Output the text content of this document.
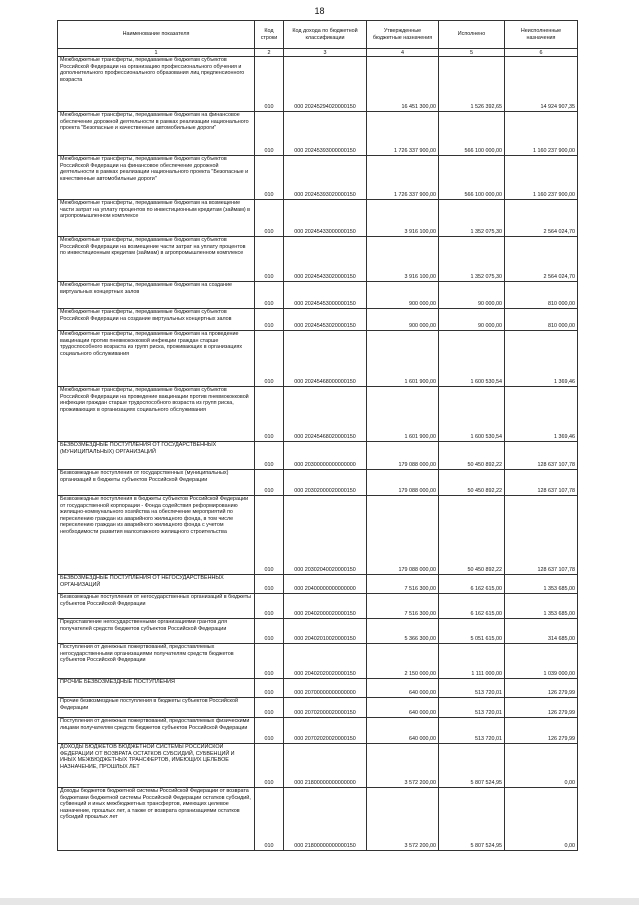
18
Наименование показателя	Код строки	Код дохода по бюджетной классификации	Утвержденные бюджетные назначения	Исполнено	Неисполненные назначения
1	2	3	4	5	6
Межбюджетные трансферты, передаваемые бюджетам субъектов Российской Федерации на организацию профессионального обучения и дополнительного профессионального образования лиц предпенсионного возраста	010	000 20245294020000150	16 451 300,00	1 526 392,65	14 924 907,35
Межбюджетные трансферты, передаваемые бюджетам на финансовое обеспечение дорожной деятельности в рамках реализации национального проекта "Безопасные и качественные автомобильные дороги"	010	000 20245393000000150	1 726 337 900,00	566 100 000,00	1 160 237 900,00
Межбюджетные трансферты, передаваемые бюджетам субъектов Российской Федерации на финансовое обеспечение дорожной деятельности в рамках реализации национального проекта "Безопасные и качественные автомобильные дороги"	010	000 20245393020000150	1 726 337 900,00	566 100 000,00	1 160 237 900,00
Межбюджетные трансферты, передаваемые бюджетам на возмещение части затрат на уплату процентов по инвестиционным кредитам (займам) в агропромышленном комплексе	010	000 20245433000000150	3 916 100,00	1 352 075,30	2 564 024,70
Межбюджетные трансферты, передаваемые бюджетам субъектов Российской Федерации на возмещение части затрат на уплату процентов по инвестиционным кредитам (займам) в агропромышленном комплексе	010	000 20245433020000150	3 916 100,00	1 352 075,30	2 564 024,70
Межбюджетные трансферты, передаваемые бюджетам на создание виртуальных концертных залов	010	000 20245453000000150	900 000,00	90 000,00	810 000,00
Межбюджетные трансферты, передаваемые бюджетам субъектов Российской Федерации на создание виртуальных концертных залов	010	000 20245453020000150	900 000,00	90 000,00	810 000,00
Межбюджетные трансферты, передаваемые бюджетам на проведение вакцинации против пневмококковой инфекции граждан старше трудоспособного возраста из групп риска, проживающих в организациях социального обслуживания	010	000 20245468000000150	1 601 900,00	1 600 530,54	1 369,46
Межбюджетные трансферты, передаваемые бюджетам субъектов Российской Федерации на проведение вакцинации против пневмококковой инфекции граждан старше трудоспособного возраста из групп риска, проживающих в организациях социального обслуживания	010	000 20245468020000150	1 601 900,00	1 600 530,54	1 369,46
БЕЗВОЗМЕЗДНЫЕ ПОСТУПЛЕНИЯ ОТ ГОСУДАРСТВЕННЫХ (МУНИЦИПАЛЬНЫХ) ОРГАНИЗАЦИЙ	010	000 20300000000000000	179 088 000,00	50 450 892,22	128 637 107,78
Безвозмездные поступления от государственных (муниципальных) организаций в бюджеты субъектов Российской Федерации	010	000 20302000020000150	179 088 000,00	50 450 892,22	128 637 107,78
Безвозмездные поступления в бюджеты субъектов Российской Федерации от государственной корпорации - Фонда содействия реформированию жилищно-коммунального хозяйства на обеспечение мероприятий по переселению граждан из аварийного жилищного фонда, в том числе переселению граждан из аварийного жилищного фонда с учетом необходимости развития малоэтажного жилищного строительства	010	000 20302040020000150	179 088 000,00	50 450 892,22	128 637 107,78
БЕЗВОЗМЕЗДНЫЕ ПОСТУПЛЕНИЯ ОТ НЕГОСУДАРСТВЕННЫХ ОРГАНИЗАЦИЙ	010	000 20400000000000000	7 516 300,00	6 162 615,00	1 353 685,00
Безвозмездные поступления от негосударственных организаций в бюджеты субъектов Российской Федерации	010	000 20402000020000150	7 516 300,00	6 162 615,00	1 353 685,00
Предоставление негосударственными организациями грантов для получателей средств бюджетов субъектов Российской Федерации	010	000 20402010020000150	5 366 300,00	5 051 615,00	314 685,00
Поступления от денежных пожертвований, предоставляемых негосударственными организациями получателям средств бюджетов субъектов Российской Федерации	010	000 20402020020000150	2 150 000,00	1 111 000,00	1 039 000,00
ПРОЧИЕ БЕЗВОЗМЕЗДНЫЕ ПОСТУПЛЕНИЯ	010	000 20700000000000000	640 000,00	513 720,01	126 279,99
Прочие безвозмездные поступления в бюджеты субъектов Российской Федерации	010	000 20702000020000150	640 000,00	513 720,01	126 279,99
Поступления от денежных пожертвований, предоставляемых физическими лицами получателям средств бюджетов субъектов Российской Федерации	010	000 20702020020000150	640 000,00	513 720,01	126 279,99
ДОХОДЫ БЮДЖЕТОВ БЮДЖЕТНОЙ СИСТЕМЫ РОССИЙСКОЙ ФЕДЕРАЦИИ ОТ ВОЗВРАТА ОСТАТКОВ СУБСИДИЙ, СУБВЕНЦИЙ И ИНЫХ МЕЖБЮДЖЕТНЫХ ТРАНСФЕРТОВ, ИМЕЮЩИХ ЦЕЛЕВОЕ НАЗНАЧЕНИЕ, ПРОШЛЫХ ЛЕТ	010	000 21800000000000000	3 572 200,00	5 807 524,95	0,00
Доходы бюджетов бюджетной системы Российской Федерации от возврата бюджетами бюджетной системы Российской Федерации остатков субсидий, субвенций и иных межбюджетных трансфертов, имеющих целевое назначение, прошлых лет, а также от возврата организациями остатков субсидий прошлых лет	010	000 21800000000000150	3 572 200,00	5 807 524,95	0,00
